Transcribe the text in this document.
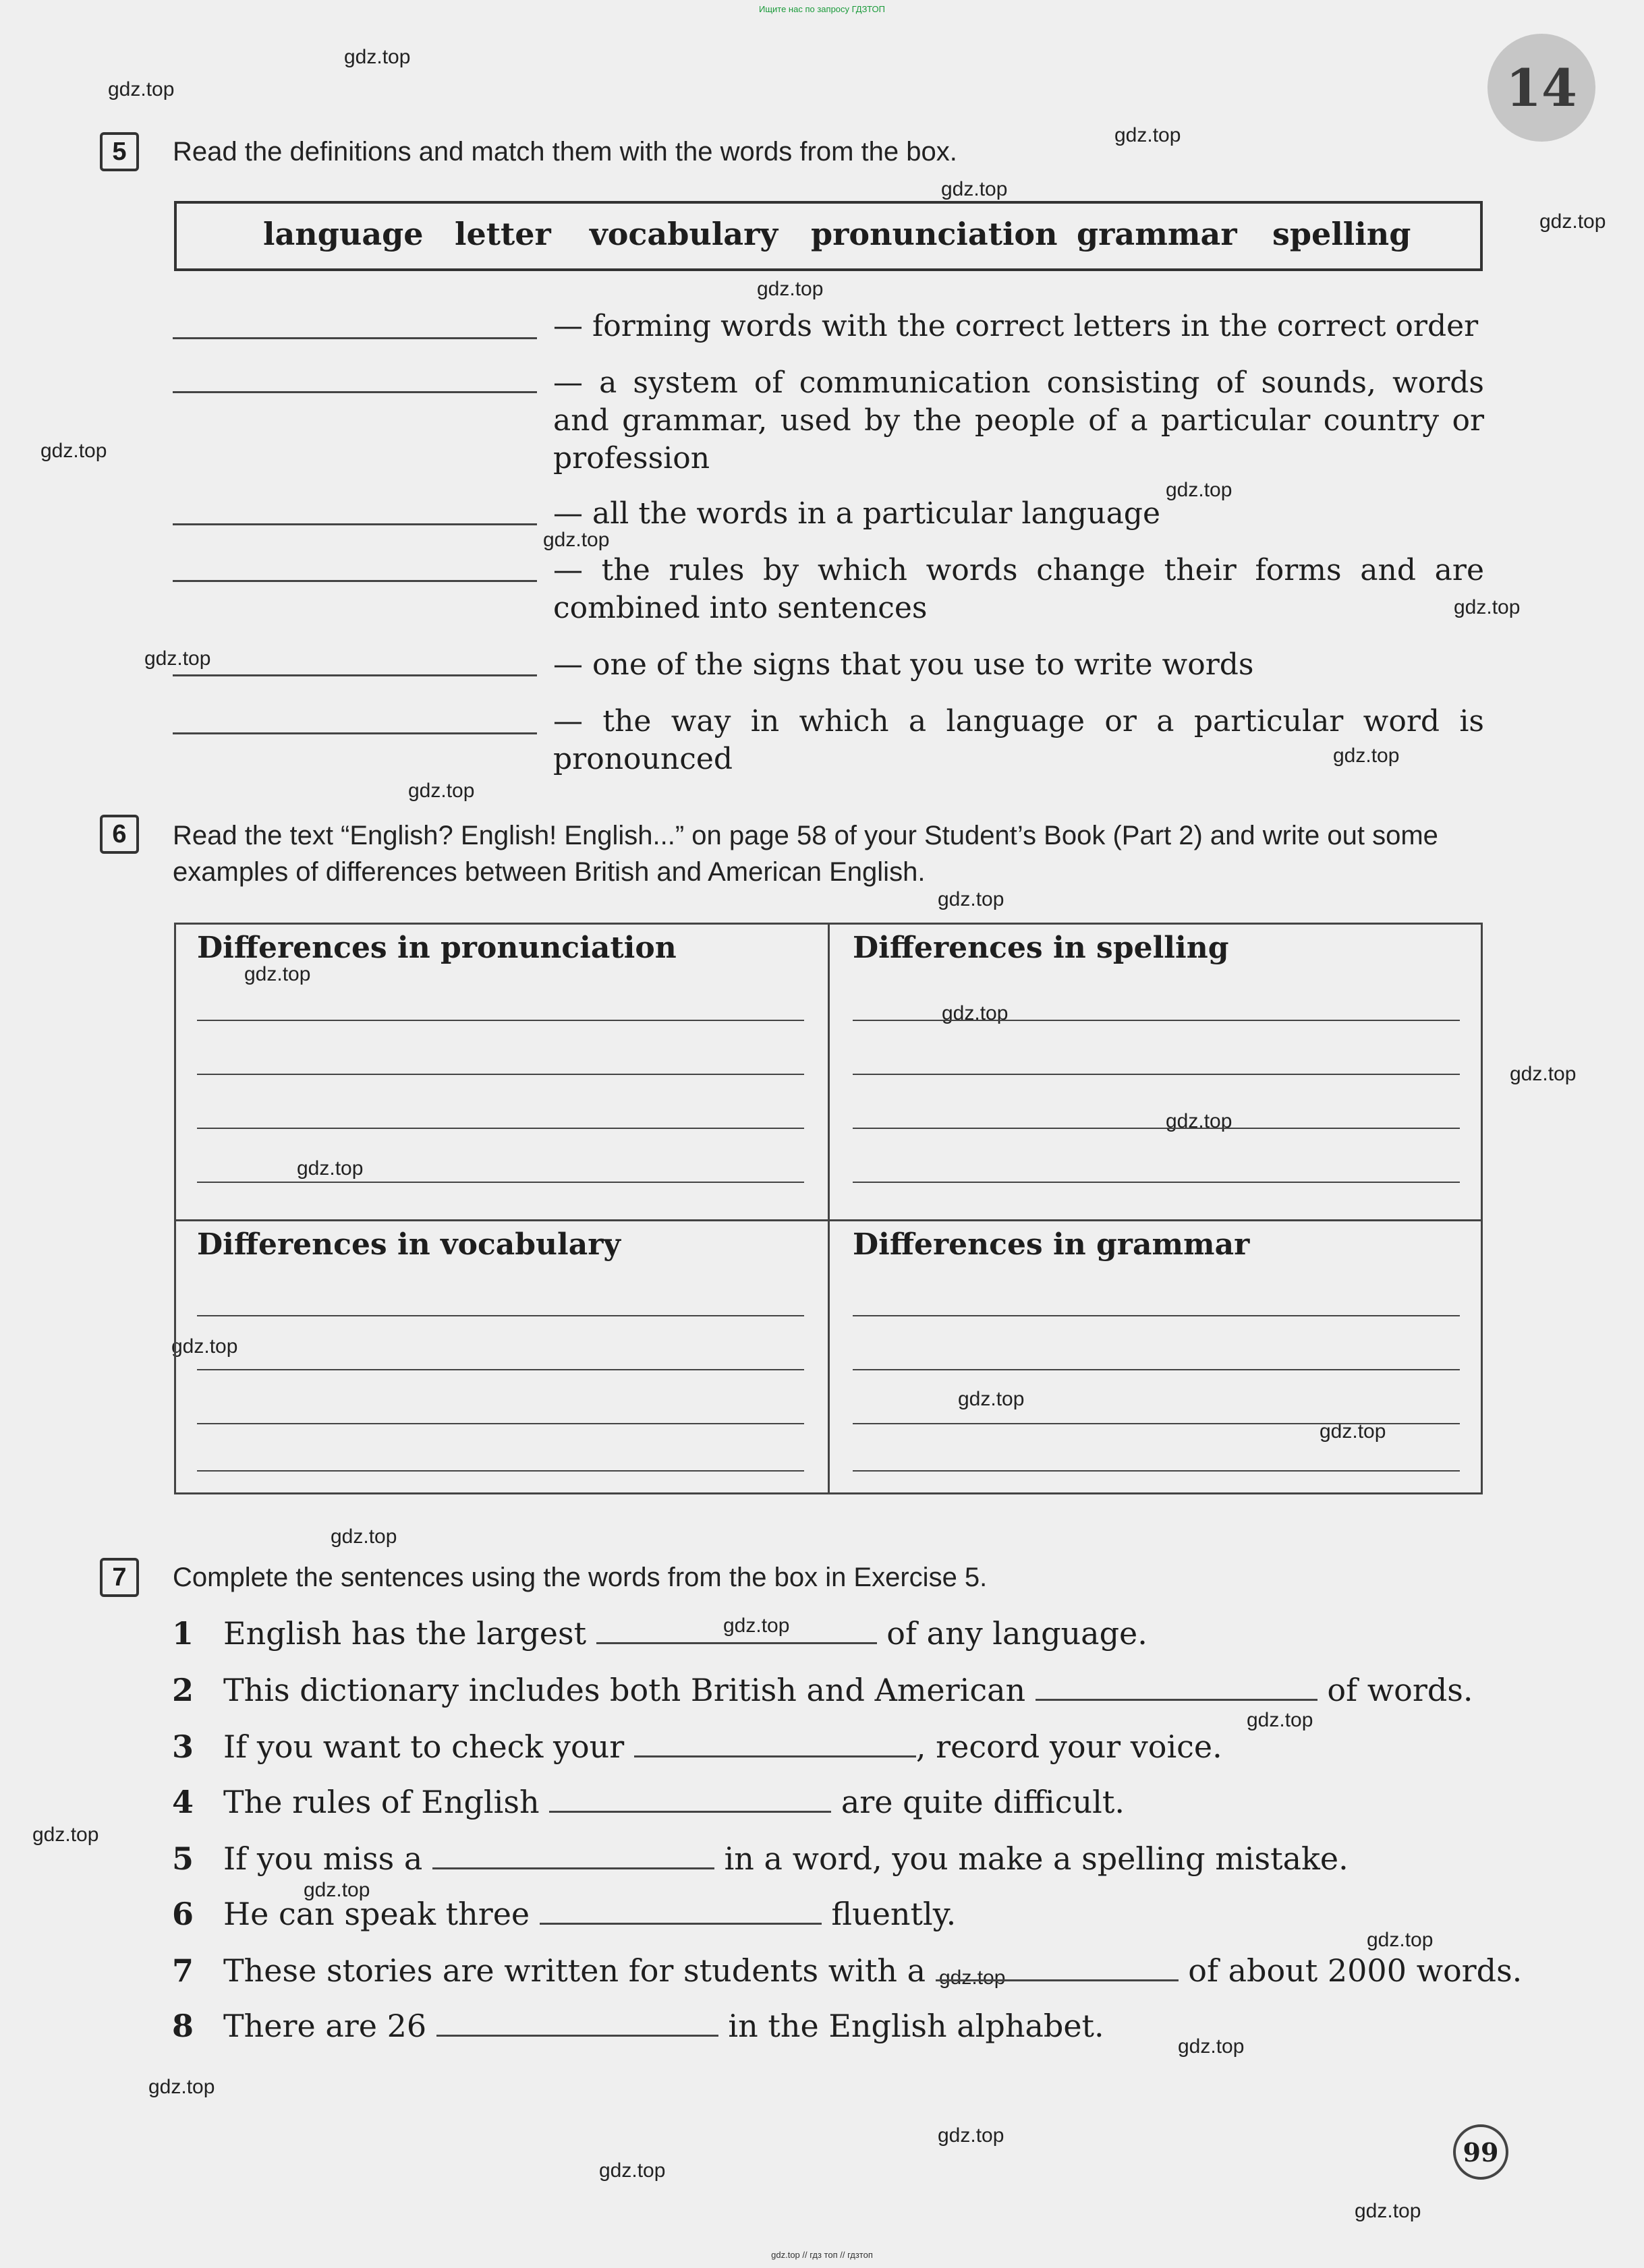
Ищите нас по запросу ГДЗТОП
14
gdz.top
gdz.top
gdz.top
gdz.top
gdz.top
gdz.top
gdz.top
gdz.top
gdz.top
gdz.top
gdz.top
gdz.top
gdz.top
gdz.top
gdz.top
gdz.top
gdz.top
gdz.top
gdz.top
gdz.top
gdz.top
gdz.top
gdz.top
gdz.top
gdz.top
gdz.top
gdz.top
gdz.top
gdz.top
gdz.top
gdz.top
gdz.top
gdz.top
gdz.top
5	Read the definitions and match them with the words from the box.
language letter vocabulary pronunciation grammar spelling
— forming words with the correct letters in the correct order
— a system of communication consisting of sounds, words and grammar, used by the people of a particular country or profession
— all the words in a particular language
— the rules by which words change their forms and are combined into sentences
— one of the signs that you use to write words
— the way in which a language or a particular word is pronounced
6	Read the text “English? English! English...” on page 58 of your Student’s Book (Part 2) and write out some examples of differences between British and American English.
Differences in pronunciation	Differences in spelling
Differences in vocabulary	Differences in grammar
7	Complete the sentences using the words from the box in Exercise 5.
1 English has the largest	of any language.
2 This dictionary includes both British and American	of words.
3 If you want to check your	, record your voice.
4 The rules of English	are quite difficult.
5 If you miss a	in a word, you make a spelling mistake.
6 He can speak three	fluently.
7 These stories are written for students with a	of about 2000 words.
8 There are 26	in the English alphabet.
99
gdz.top // гдз топ // гдзтоп
